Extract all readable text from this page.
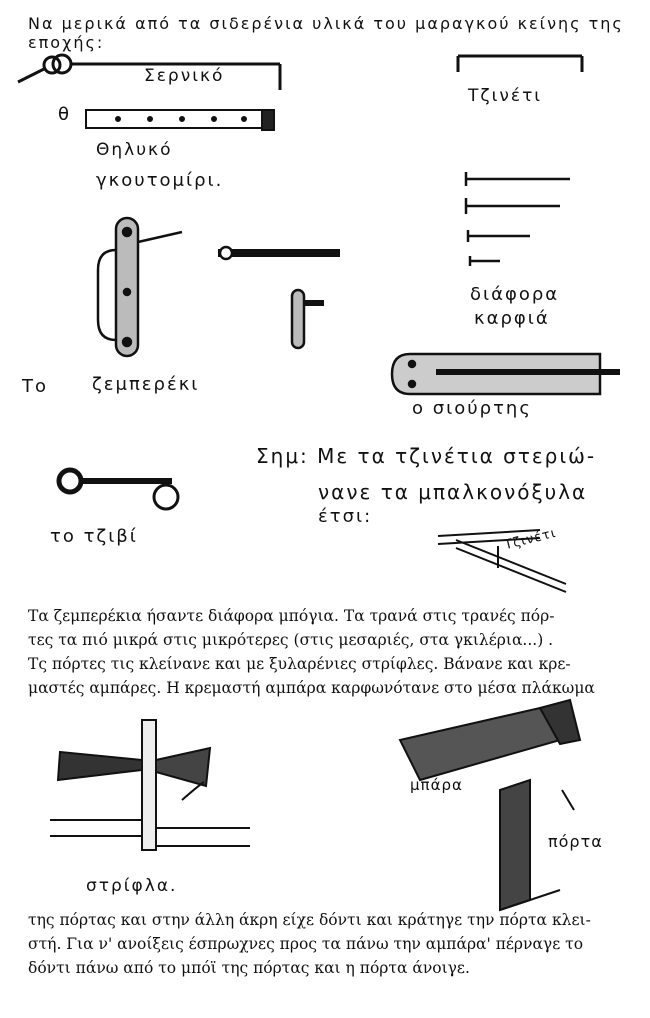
Να μερικά από τα σιδερένια υλικά του μαραγκού κείνης της εποχής:
Σερνικό
θ
Θηλυκό
γκουτομίρι.
Τζινέτι
διάφορα
καρφιά
Το ζεμπερέκι
ο σιούρτης
Σημ: Με τα τζινέτια στεριώ-
νανε τα μπαλκονόξυλα
έτσι:
το τζιβί	Τζινέτι
Τα ζεμπερέκια ήσαντε διάφορα μπόγια. Τα τρανά στις τρανές πόρ-
τες τα πιό μικρά στις μικρότερες (στις μεσαριές, στα γκιλέρια...) .
Τς πόρτες τις κλείνανε και με ξυλαρένιες στρίφλες. Βάνανε και κρε-
μαστές αμπάρες. Η κρεμαστή αμπάρα καρφωνότανε στο μέσα πλάκωμα
στρίφλα.
μπάρα
πόρτα
της πόρτας και στην άλλη άκρη είχε δόντι και κράτηγε την πόρτα κλει-
στή. Για ν' ανοίξεις έσπρωχνες προς τα πάνω την αμπάρα' πέρναγε το
δόντι πάνω από το μπόϊ της πόρτας και η πόρτα άνοιγε.
